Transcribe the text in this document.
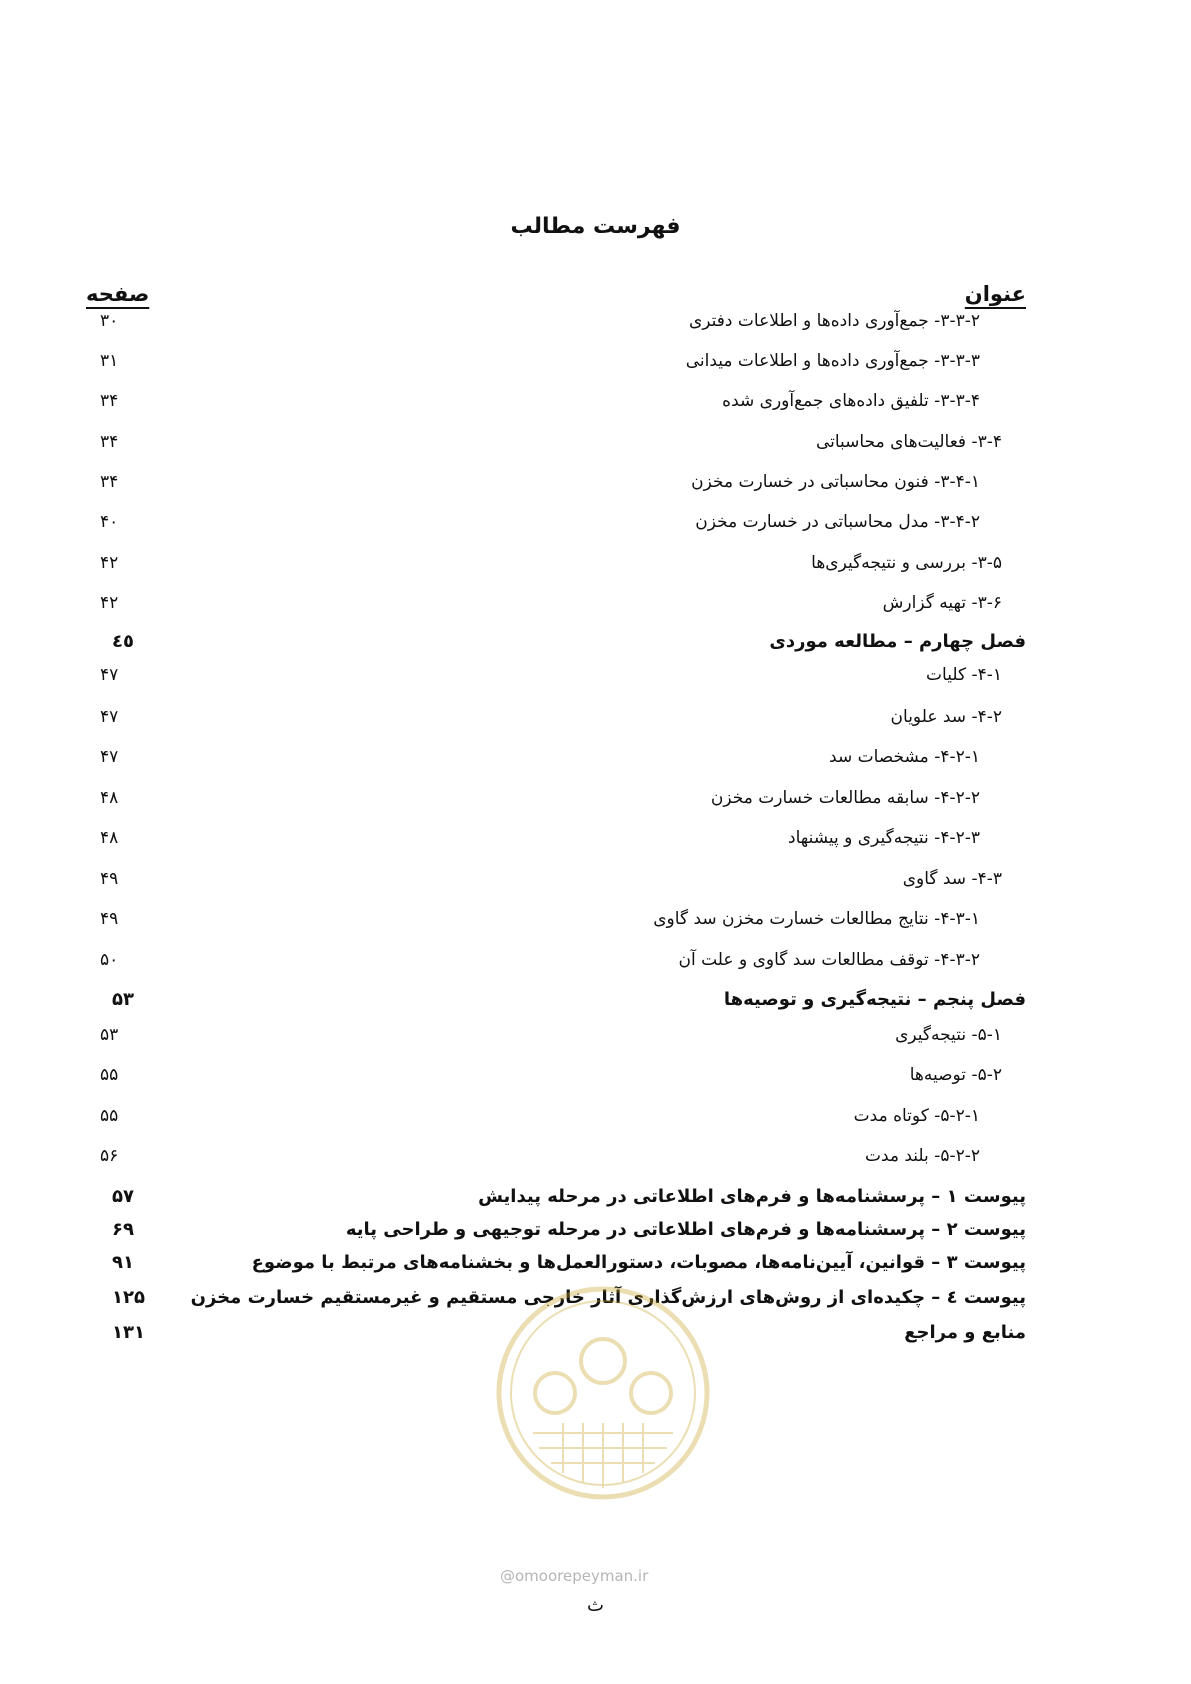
فهرست مطالب
عنوان
صفحه
۳-۳-۲- جمع‌آوری داده‌ها و اطلاعات دفتری
۳۰
۳-۳-۳- جمع‌آوری داده‌ها و اطلاعات میدانی
۳۱
۳-۳-۴- تلفیق داده‌های جمع‌آوری شده
۳۴
۳-۴- فعالیت‌های محاسباتی
۳۴
۳-۴-۱- فنون محاسباتی در خسارت مخزن
۳۴
۳-۴-۲- مدل محاسباتی در خسارت مخزن
۴۰
۳-۵- بررسی و نتیجه‌گیری‌ها
۴۲
۳-۶- تهیه گزارش
۴۲
فصل چهارم – مطالعه موردی
٤٥
۴-۱- کلیات
۴۷
۴-۲- سد علویان
۴۷
۴-۲-۱- مشخصات سد
۴۷
۴-۲-۲- سابقه مطالعات خسارت مخزن
۴۸
۴-۲-۳- نتیجه‌گیری و پیشنهاد
۴۸
۴-۳- سد گاوی
۴۹
۴-۳-۱- نتایج مطالعات خسارت مخزن سد گاوی
۴۹
۴-۳-۲- توقف مطالعات سد گاوی و علت آن
۵۰
فصل پنجم – نتیجه‌گیری و توصیه‌ها
۵۳
۵-۱- نتیجه‌گیری
۵۳
۵-۲- توصیه‌ها
۵۵
۵-۲-۱- کوتاه مدت
۵۵
۵-۲-۲- بلند مدت
۵۶
پیوست ۱ – پرسشنامه‌ها و فرم‌های اطلاعاتی در مرحله پیدایش
۵۷
پیوست ۲ – پرسشنامه‌ها و فرم‌های اطلاعاتی در مرحله توجیهی و طراحی پایه
۶۹
پیوست ۳ – قوانین، آیین‌نامه‌ها، مصوبات، دستورالعمل‌ها و بخشنامه‌های مرتبط با موضوع
۹۱
پیوست ٤ – چکیده‌ای از روش‌های ارزش‌گذاری آثار خارجی مستقیم و غیرمستقیم خسارت مخزن
۱۲۵
منابع و مراجع
۱۳۱
@omoorepeyman.ir
ث
